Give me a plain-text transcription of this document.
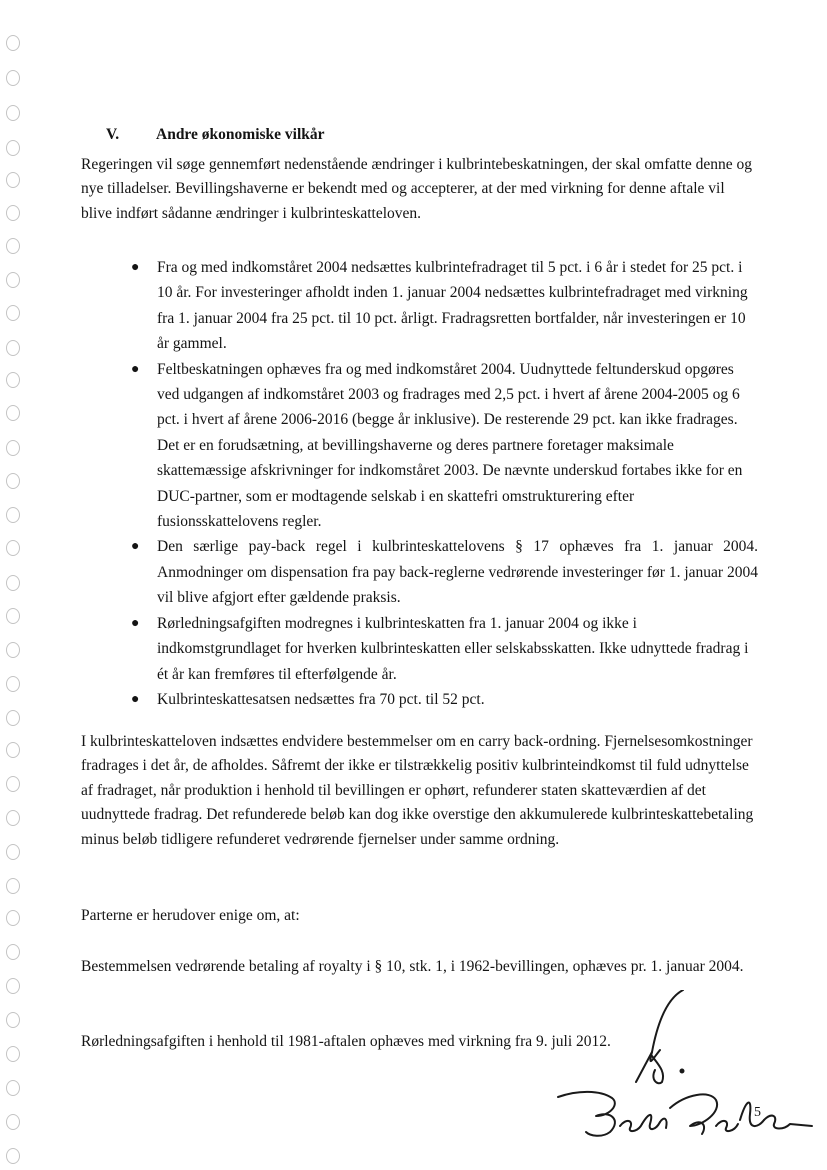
V. Andre økonomiske vilkår

Regeringen vil søge gennemført nedenstående ændringer i kulbrintebeskatningen, der skal omfatte denne og nye tilladelser. Bevillingshaverne er bekendt med og accepterer, at der med virkning for denne aftale vil blive indført sådanne ændringer i kulbrinteskatteloven.

● Fra og med indkomståret 2004 nedsættes kulbrintefradraget til 5 pct. i 6 år i stedet for 25 pct. i 10 år. For investeringer afholdt inden 1. januar 2004 nedsættes kulbrintefradraget med virkning fra 1. januar 2004 fra 25 pct. til 10 pct. årligt. Fradragsretten bortfalder, når investeringen er 10 år gammel.
● Feltbeskatningen ophæves fra og med indkomståret 2004. Uudnyttede feltunderskud opgøres ved udgangen af indkomståret 2003 og fradrages med 2,5 pct. i hvert af årene 2004-2005 og 6 pct. i hvert af årene 2006-2016 (begge år inklusive). De resterende 29 pct. kan ikke fradrages. Det er en forudsætning, at bevillingshaverne og deres partnere foretager maksimale skattemæssige afskrivninger for indkomståret 2003. De nævnte underskud fortabes ikke for en DUC-partner, som er modtagende selskab i en skattefri omstrukturering efter fusionsskattelovens regler.
● Den særlige pay-back regel i kulbrinteskattelovens § 17 ophæves fra 1. januar 2004. Anmodninger om dispensation fra pay back-reglerne vedrørende investeringer før 1. januar 2004 vil blive afgjort efter gældende praksis.
● Rørledningsafgiften modregnes i kulbrinteskatten fra 1. januar 2004 og ikke i indkomstgrundlaget for hverken kulbrinteskatten eller selskabsskatten. Ikke udnyttede fradrag i ét år kan fremføres til efterfølgende år.
● Kulbrinteskattesatsen nedsættes fra 70 pct. til 52 pct.

I kulbrinteskatteloven indsættes endvidere bestemmelser om en carry back-ordning. Fjernelsesomkostninger fradrages i det år, de afholdes. Såfremt der ikke er tilstrækkelig positiv kulbrinteindkomst til fuld udnyttelse af fradraget, når produktion i henhold til bevillingen er ophørt, refunderer staten skatteværdien af det uudnyttede fradrag. Det refunderede beløb kan dog ikke overstige den akkumulerede kulbrinteskattebetaling minus beløb tidligere refunderet vedrørende fjernelser under samme ordning.

Parterne er herudover enige om, at:

Bestemmelsen vedrørende betaling af royalty i § 10, stk. 1, i 1962-bevillingen, ophæves pr. 1. januar 2004.

Rørledningsafgiften i henhold til 1981-aftalen ophæves med virkning fra 9. juli 2012.

5
